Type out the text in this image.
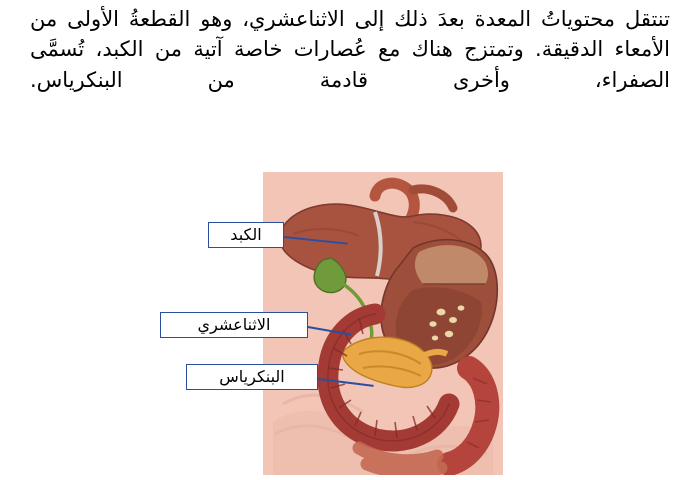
تنتقل محتوياتُ المعدة بعدَ ذلك إلى الاثناعشري، وهو القطعةُ الأولى من الأمعاء الدقيقة. وتمتزج هناك مع عُصارات خاصة آتية من الكبد، تُسمَّى الصفراء، وأخرى قادمة من البنكرياس.
الكبد
الاثناعشري
البنكرياس
